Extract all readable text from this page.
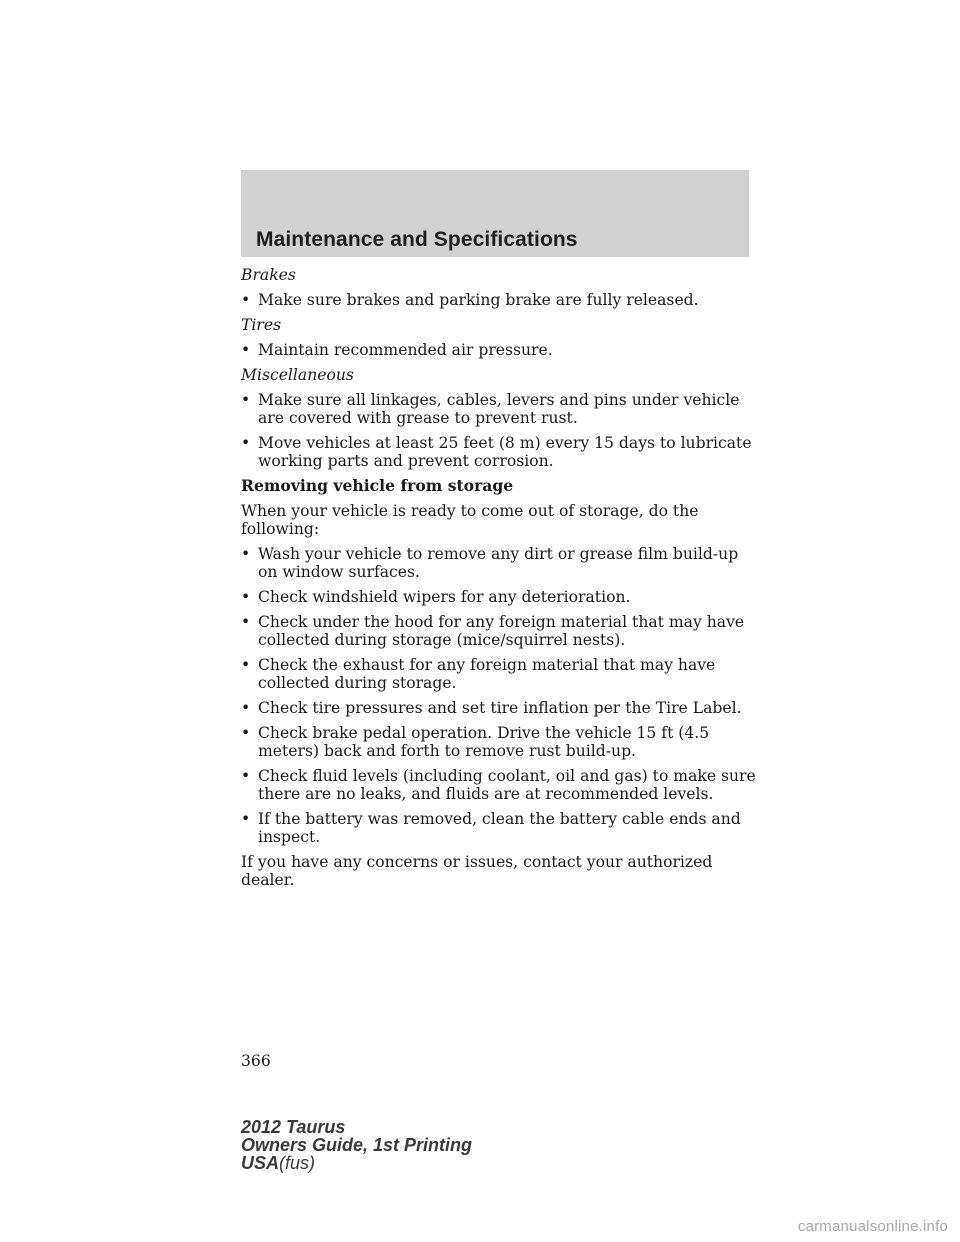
Maintenance and Specifications

Brakes

• Make sure brakes and parking brake are fully released.

Tires

• Maintain recommended air pressure.

Miscellaneous

• Make sure all linkages, cables, levers and pins under vehicle are covered with grease to prevent rust.
• Move vehicles at least 25 feet (8 m) every 15 days to lubricate working parts and prevent corrosion.

Removing vehicle from storage

When your vehicle is ready to come out of storage, do the following:

• Wash your vehicle to remove any dirt or grease film build-up on window surfaces.
• Check windshield wipers for any deterioration.
• Check under the hood for any foreign material that may have collected during storage (mice/squirrel nests).
• Check the exhaust for any foreign material that may have collected during storage.
• Check tire pressures and set tire inflation per the Tire Label.
• Check brake pedal operation. Drive the vehicle 15 ft (4.5 meters) back and forth to remove rust build-up.
• Check fluid levels (including coolant, oil and gas) to make sure there are no leaks, and fluids are at recommended levels.
• If the battery was removed, clean the battery cable ends and inspect.

If you have any concerns or issues, contact your authorized dealer.

366
2012 Taurus
Owners Guide, 1st Printing
USA(fus)
carmanualsonline.info
